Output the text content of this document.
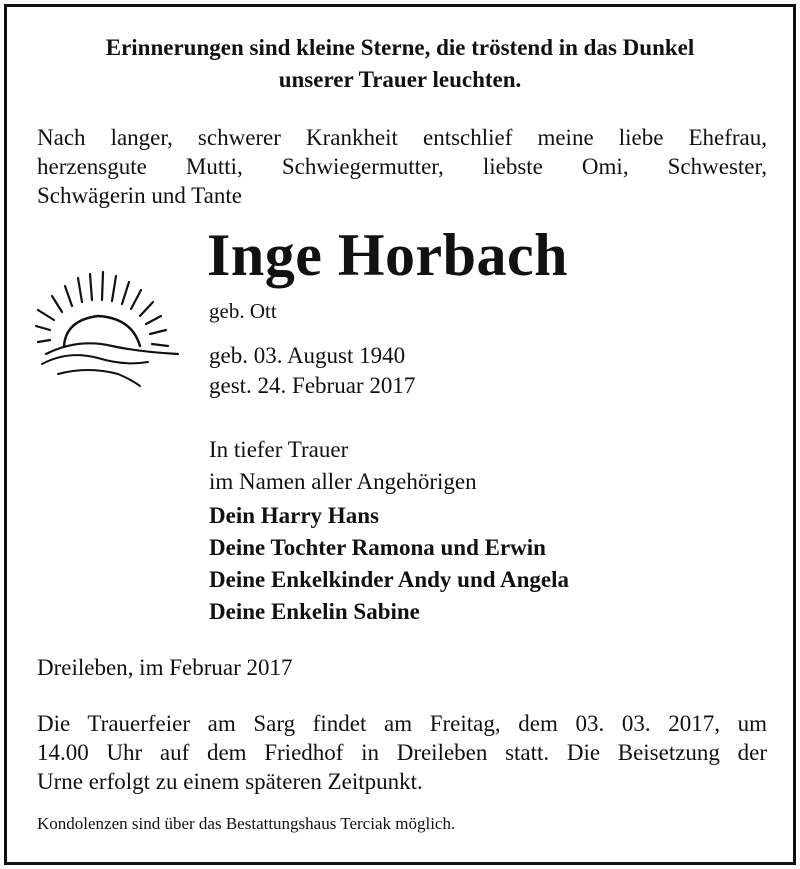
Erinnerungen sind kleine Sterne, die tröstend in das Dunkel
unserer Trauer leuchten.
Nach langer, schwerer Krankheit entschlief meine liebe Ehefrau,
herzensgute Mutti, Schwiegermutter, liebste Omi, Schwester,
Schwägerin und Tante
Inge Horbach
geb. Ott
geb. 03. August 1940
gest. 24. Februar 2017
In tiefer Trauer
im Namen aller Angehörigen
Dein Harry Hans
Deine Tochter Ramona und Erwin
Deine Enkelkinder Andy und Angela
Deine Enkelin Sabine
Dreileben, im Februar 2017
Die Trauerfeier am Sarg findet am Freitag, dem 03. 03. 2017, um
14.00 Uhr auf dem Friedhof in Dreileben statt. Die Beisetzung der
Urne erfolgt zu einem späteren Zeitpunkt.
Kondolenzen sind über das Bestattungshaus Terciak möglich.
